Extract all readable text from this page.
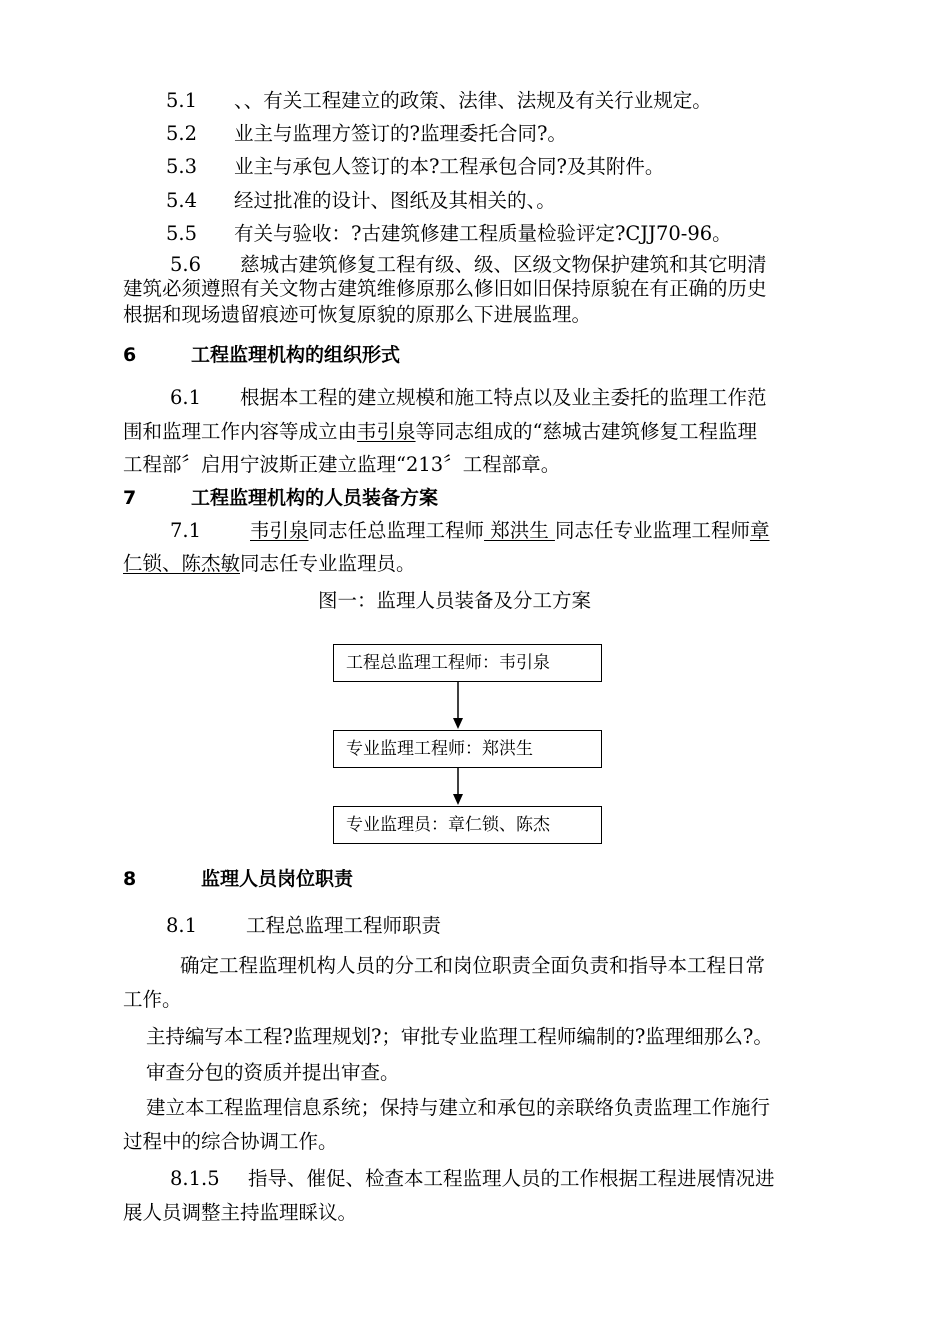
5.1 、、有关工程建立的政策、法律、法规及有关行业规定。
5.2 业主与监理方签订的?监理委托合同?。
5.3 业主与承包人签订的本?工程承包合同?及其附件。
5.4 经过批准的设计、图纸及其相关的、。
5.5 有关与验收：?古建筑修建工程质量检验评定?CJJ70-96。
5.6 慈城古建筑修复工程有级、级、区级文物保护建筑和其它明清
建筑必须遵照有关文物古建筑维修原那么修旧如旧保持原貌在有正确的历史
根据和现场遗留痕迹可恢复原貌的原那么下进展监理。
6	工程监理机构的组织形式
6.1 根据本工程的建立规模和施工特点以及业主委托的监理工作范
围和监理工作内容等成立由韦引泉等同志组成的“慈城古建筑修复工程监理
工程部〞启用宁波斯正建立监理“213〞工程部章。
7	工程监理机构的人员装备方案
7.1	韦引泉同志任总监理工程师 郑洪生 同志任专业监理工程师章
仁锁、陈杰敏同志任专业监理员。
图一：监理人员装备及分工方案
工程总监理工程师：韦引泉
专业监理工程师：郑洪生
专业监理员：章仁锁、陈杰
8	监理人员岗位职责
8.1	工程总监理工程师职责
确定工程监理机构人员的分工和岗位职责全面负责和指导本工程日常
工作。
主持编写本工程?监理规划?；审批专业监理工程师编制的?监理细那么?。
审查分包的资质并提出审查。
建立本工程监理信息系统；保持与建立和承包的亲联络负责监理工作施行
过程中的综合协调工作。
8.1.5 指导、催促、检查本工程监理人员的工作根据工程进展情况进
展人员调整主持监理睬议。
